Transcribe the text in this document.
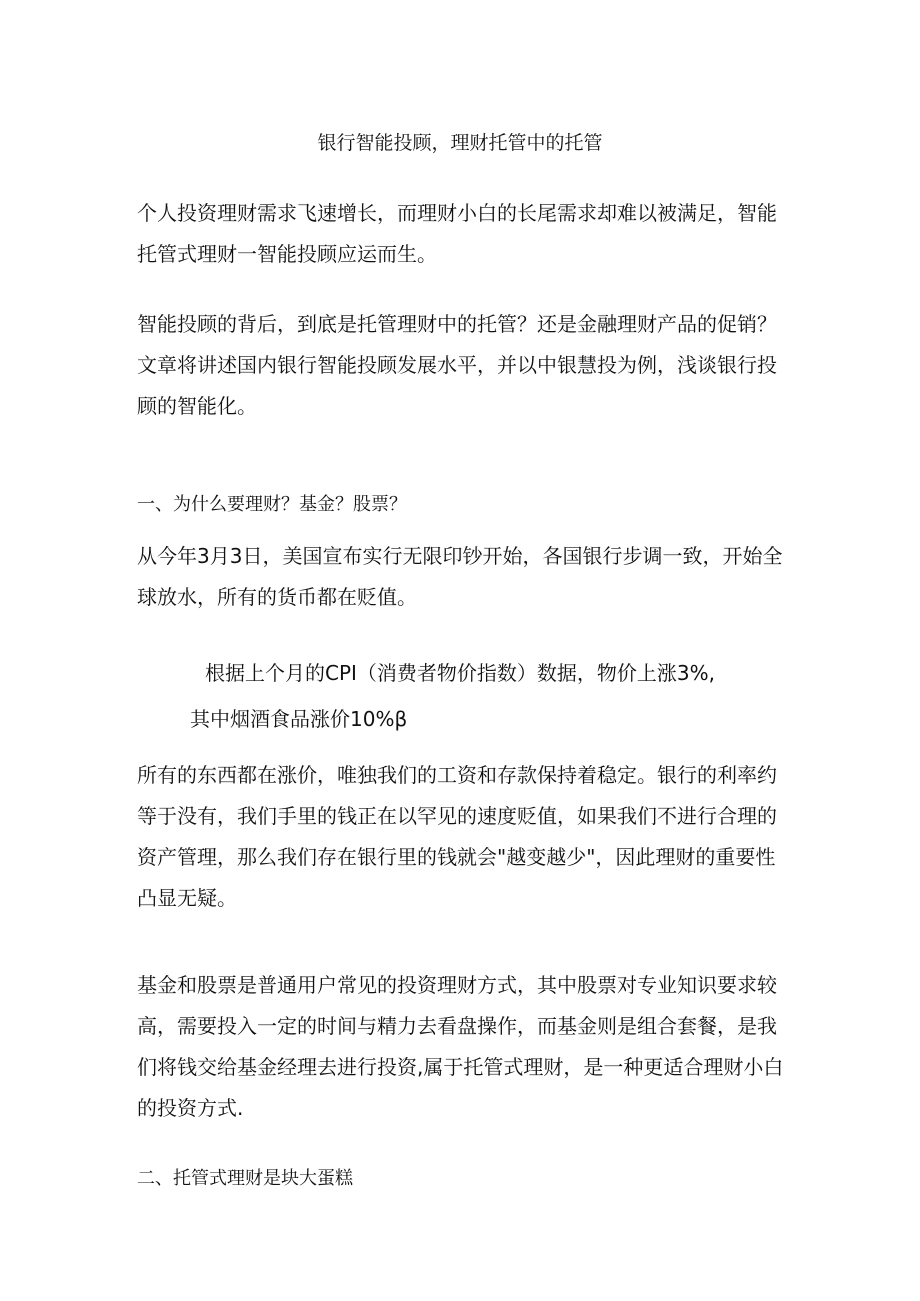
银行智能投顾，理财托管中的托管

个人投资理财需求飞速增长，而理财小白的长尾需求却难以被满足，智能托管式理财一智能投顾应运而生。

智能投顾的背后，到底是托管理财中的托管？还是金融理财产品的促销？文章将讲述国内银行智能投顾发展水平，并以中银慧投为例，浅谈银行投顾的智能化。

一、为什么要理财？基金？股票？

从今年3月3日，美国宣布实行无限印钞开始，各国银行步调一致，开始全球放水，所有的货币都在贬值。

根据上个月的CPI（消费者物价指数）数据，物价上涨3%,

其中烟酒食品涨价10%β

所有的东西都在涨价，唯独我们的工资和存款保持着稳定。银行的利率约等于没有，我们手里的钱正在以罕见的速度贬值，如果我们不进行合理的资产管理，那么我们存在银行里的钱就会"越变越少"，因此理财的重要性凸显无疑。

基金和股票是普通用户常见的投资理财方式，其中股票对专业知识要求较高，需要投入一定的时间与精力去看盘操作，而基金则是组合套餐，是我们将钱交给基金经理去进行投资,属于托管式理财，是一种更适合理财小白的投资方式.

二、托管式理财是块大蛋糕
